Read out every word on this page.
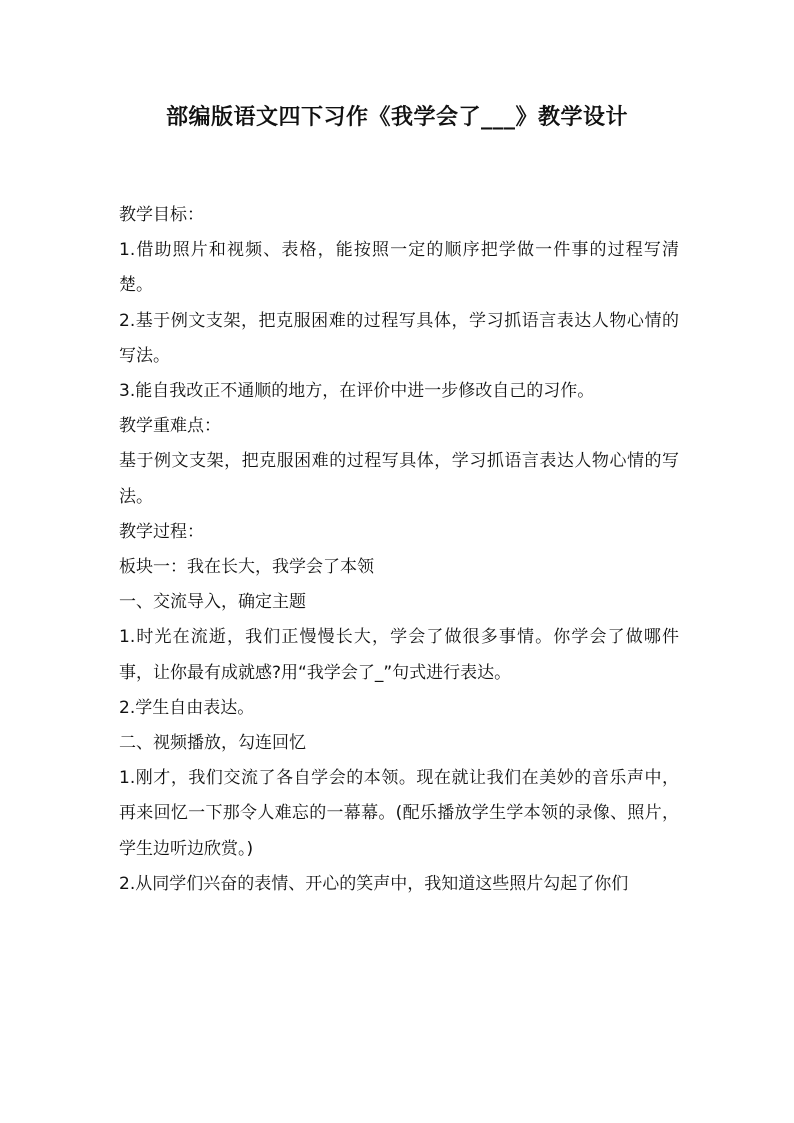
部编版语文四下习作《我学会了___》教学设计

教学目标：

1.借助照片和视频、表格，能按照一定的顺序把学做一件事的过程写清楚。

2.基于例文支架，把克服困难的过程写具体，学习抓语言表达人物心情的写法。

3.能自我改正不通顺的地方，在评价中进一步修改自己的习作。

教学重难点：

基于例文支架，把克服困难的过程写具体，学习抓语言表达人物心情的写法。

教学过程：

板块一：我在长大，我学会了本领

一、交流导入，确定主题

1.时光在流逝，我们正慢慢长大，学会了做很多事情。你学会了做哪件事，让你最有成就感?用“我学会了_”句式进行表达。

2.学生自由表达。

二、视频播放，勾连回忆

1.刚才，我们交流了各自学会的本领。现在就让我们在美妙的音乐声中，再来回忆一下那令人难忘的一幕幕。(配乐播放学生学本领的录像、照片，学生边听边欣赏。)

2.从同学们兴奋的表情、开心的笑声中，我知道这些照片勾起了你们
